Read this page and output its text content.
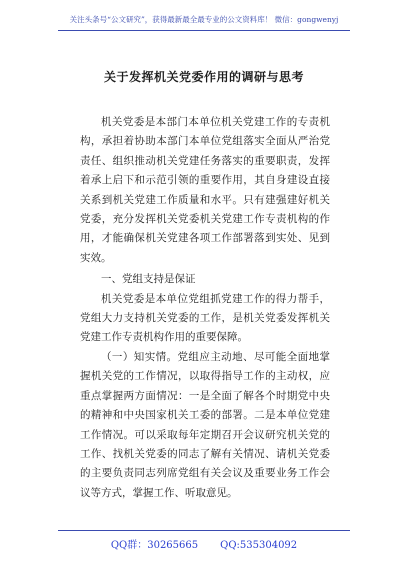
关注头条号“公文研究”，获得最新最全最专业的公文资料库！ 微信：gongwenyj
关于发挥机关党委作用的调研与思考

机关党委是本部门本单位机关党建工作的专责机构，承担着协助本部门本单位党组落实全面从严治党责任、组织推动机关党建任务落实的重要职责，发挥着承上启下和示范引领的重要作用，其自身建设直接关系到机关党建工作质量和水平。只有建强建好机关党委，充分发挥机关党委机关党建工作专责机构的作用，才能确保机关党建各项工作部署落到实处、见到实效。

一、党组支持是保证

机关党委是本单位党组抓党建工作的得力帮手，党组大力支持机关党委的工作，是机关党委发挥机关党建工作专责机构作用的重要保障。

（一）知实情。党组应主动地、尽可能全面地掌握机关党的工作情况，以取得指导工作的主动权，应重点掌握两方面情况：一是全面了解各个时期党中央的精神和中央国家机关工委的部署。二是本单位党建工作情况。可以采取每年定期召开会议研究机关党的工作、找机关党委的同志了解有关情况、请机关党委的主要负责同志列席党组有关会议及重要业务工作会议等方式，掌握工作、听取意见。

QQ群：30265665 QQ:535304092
